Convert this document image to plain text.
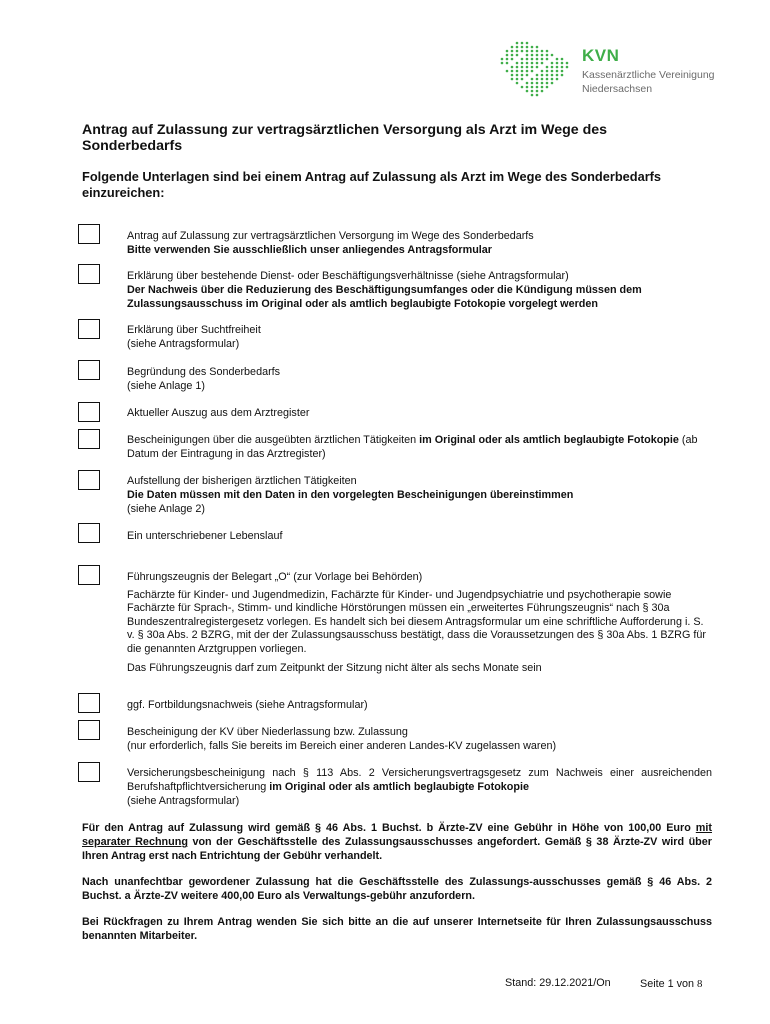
KVN
Kassenärztliche Vereinigung
Niedersachsen
Antrag auf Zulassung zur vertragsärztlichen Versorgung als Arzt im Wege des Sonderbedarfs
Folgende Unterlagen sind bei einem Antrag auf Zulassung als Arzt im Wege des Sonderbedarfs einzureichen:

Antrag auf Zulassung zur vertragsärztlichen Versorgung im Wege des Sonderbedarfs

Bitte verwenden Sie ausschließlich unser anliegendes Antragsformular

Erklärung über bestehende Dienst- oder Beschäftigungsverhältnisse (siehe Antragsformular)

Der Nachweis über die Reduzierung des Beschäftigungsumfanges oder die Kündigung müssen dem Zulassungsausschuss im Original oder als amtlich beglaubigte Fotokopie vorgelegt werden

Erklärung über Suchtfreiheit

(siehe Antragsformular)

Begründung des Sonderbedarfs

(siehe Anlage 1)

Aktueller Auszug aus dem Arztregister

Bescheinigungen über die ausgeübten ärztlichen Tätigkeiten im Original oder als amtlich beglaubigte Fotokopie (ab Datum der Eintragung in das Arztregister)

Aufstellung der bisherigen ärztlichen Tätigkeiten

Die Daten müssen mit den Daten in den vorgelegten Bescheinigungen übereinstimmen

(siehe Anlage 2)

Ein unterschriebener Lebenslauf

Führungszeugnis der Belegart „O“ (zur Vorlage bei Behörden)

Fachärzte für Kinder- und Jugendmedizin, Fachärzte für Kinder- und Jugendpsychiatrie und psychotherapie sowie Fachärzte für Sprach-, Stimm- und kindliche Hörstörungen müssen ein „erweitertes Führungszeugnis“ nach § 30a Bundeszentralregistergesetz vorlegen. Es handelt sich bei diesem Antragsformular um eine schriftliche Aufforderung i. S. v. § 30a Abs. 2 BZRG, mit der der Zulassungsausschuss bestätigt, dass die Voraussetzungen des § 30a Abs. 1 BZRG für die genannten Arztgruppen vorliegen.

Das Führungszeugnis darf zum Zeitpunkt der Sitzung nicht älter als sechs Monate sein

ggf. Fortbildungsnachweis (siehe Antragsformular)

Bescheinigung der KV über Niederlassung bzw. Zulassung

(nur erforderlich, falls Sie bereits im Bereich einer anderen Landes-KV zugelassen waren)

Versicherungsbescheinigung nach § 113 Abs. 2 Versicherungsvertragsgesetz zum Nachweis einer ausreichenden Berufshaftpflichtversicherung im Original oder als amtlich beglaubigte Fotokopie

(siehe Antragsformular)

Für den Antrag auf Zulassung wird gemäß § 46 Abs. 1 Buchst. b Ärzte-ZV eine Gebühr in Höhe von 100,00 Euro mit separater Rechnung von der Geschäftsstelle des Zulassungsausschusses angefordert. Gemäß § 38 Ärzte-ZV wird über Ihren Antrag erst nach Entrichtung der Gebühr verhandelt.
Nach unanfechtbar gewordener Zulassung hat die Geschäftsstelle des Zulassungs-ausschusses gemäß § 46 Abs. 2 Buchst. a Ärzte-ZV weitere 400,00 Euro als Verwaltungs-gebühr anzufordern.
Bei Rückfragen zu Ihrem Antrag wenden Sie sich bitte an die auf unserer Internetseite für Ihren Zulassungsausschuss benannten Mitarbeiter.
Stand: 29.12.2021/On	Seite 1 von 8
